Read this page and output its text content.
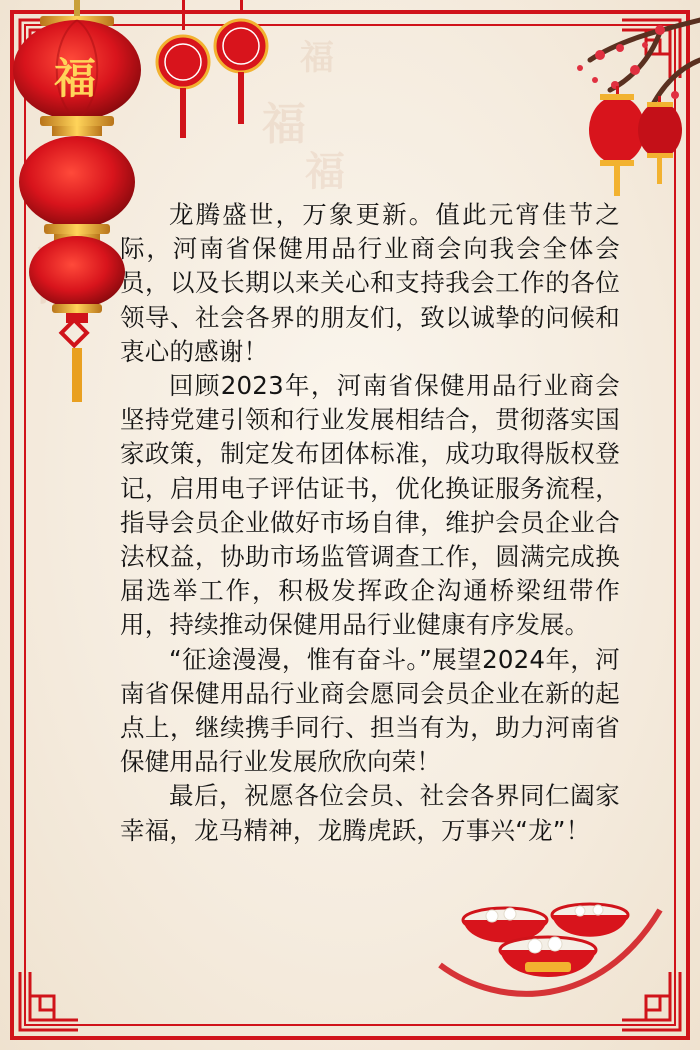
福
福
福
福

龙腾盛世，万象更新。值此元宵佳节之际，河南省保健用品行业商会向我会全体会员，以及长期以来关心和支持我会工作的各位领导、社会各界的朋友们，致以诚挚的问候和衷心的感谢！

回顾2023年，河南省保健用品行业商会坚持党建引领和行业发展相结合，贯彻落实国家政策，制定发布团体标准，成功取得版权登记，启用电子评估证书，优化换证服务流程，指导会员企业做好市场自律，维护会员企业合法权益，协助市场监管调查工作，圆满完成换届选举工作，积极发挥政企沟通桥梁纽带作用，持续推动保健用品行业健康有序发展。

“征途漫漫，惟有奋斗。”展望2024年，河南省保健用品行业商会愿同会员企业在新的起点上，继续携手同行、担当有为，助力河南省保健用品行业发展欣欣向荣！

最后，祝愿各位会员、社会各界同仁阖家幸福，龙马精神，龙腾虎跃，万事兴“龙”！
